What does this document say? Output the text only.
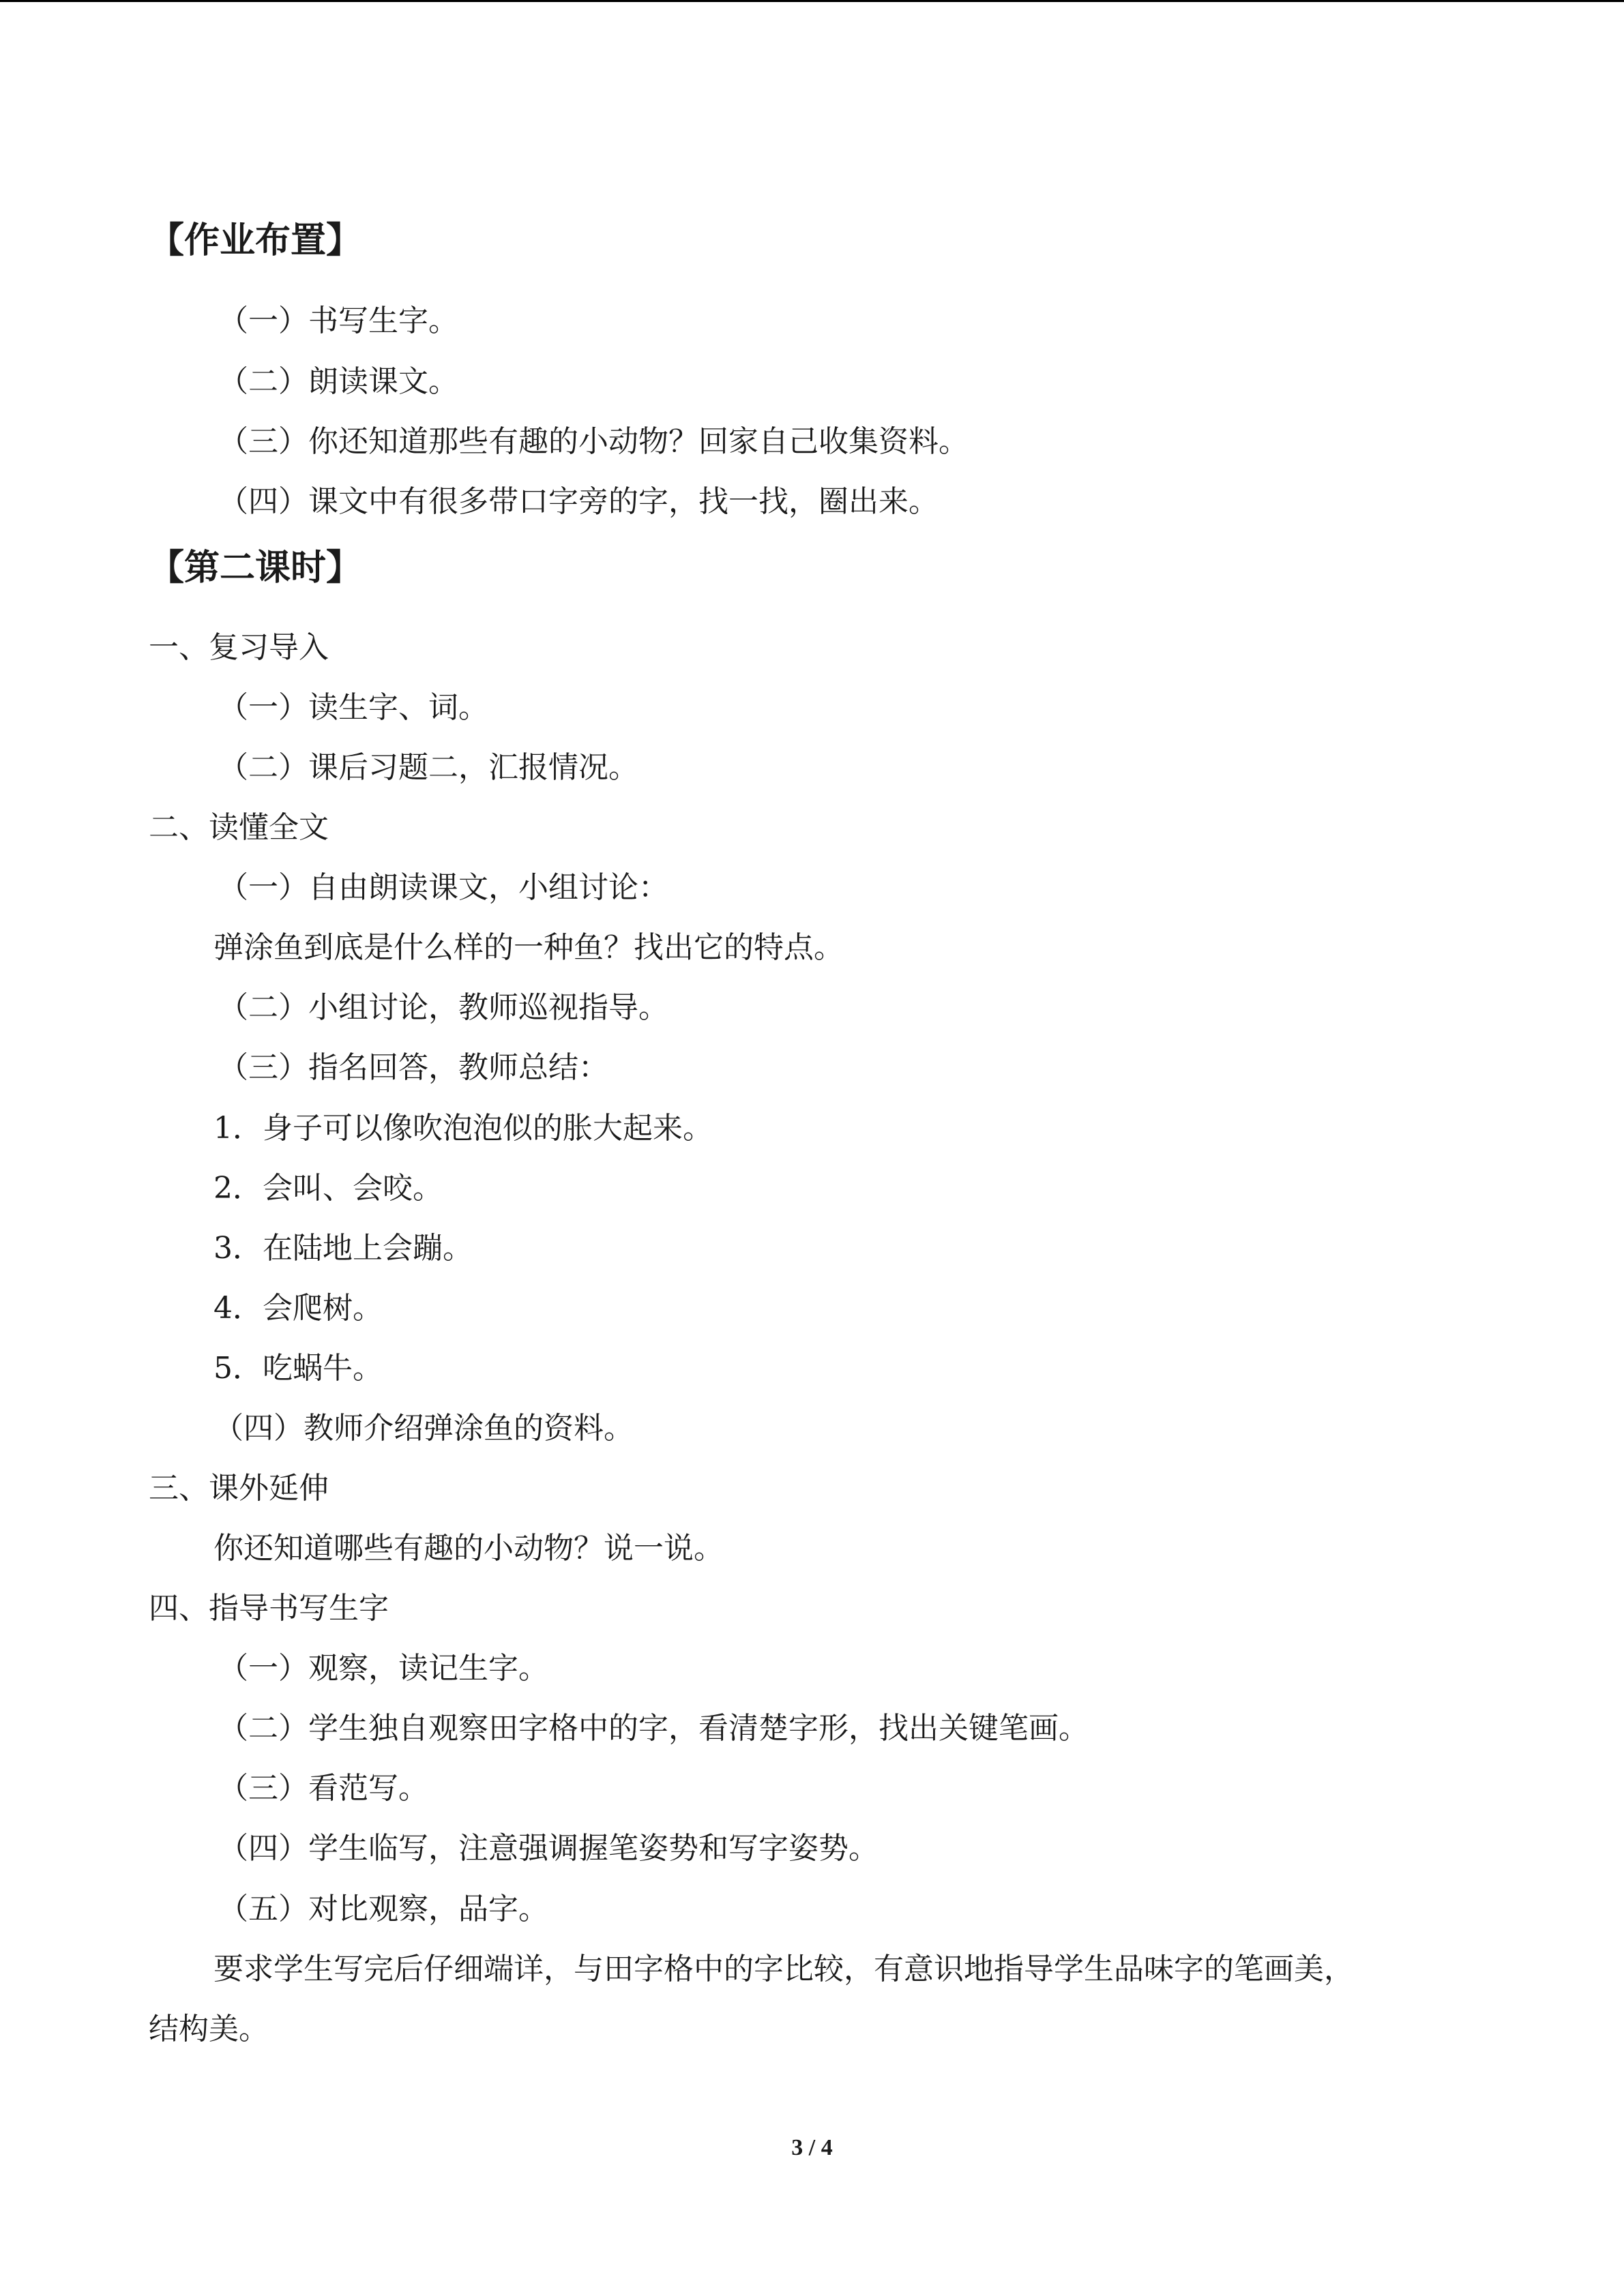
【作业布置】
（一）书写生字。
（二）朗读课文。
（三）你还知道那些有趣的小动物？回家自己收集资料。
（四）课文中有很多带口字旁的字，找一找，圈出来。
【第二课时】
一、复习导入
（一）读生字、词。
（二）课后习题二，汇报情况。
二、读懂全文
（一）自由朗读课文，小组讨论：
弹涂鱼到底是什么样的一种鱼？找出它的特点。
（二）小组讨论，教师巡视指导。
（三）指名回答，教师总结：
1．身子可以像吹泡泡似的胀大起来。
2．会叫、会咬。
3．在陆地上会蹦。
4．会爬树。
5．吃蜗牛。
（四）教师介绍弹涂鱼的资料。
三、课外延伸
你还知道哪些有趣的小动物？说一说。
四、指导书写生字
（一）观察，读记生字。
（二）学生独自观察田字格中的字，看清楚字形，找出关键笔画。
（三）看范写。
（四）学生临写，注意强调握笔姿势和写字姿势。
（五）对比观察，品字。
要求学生写完后仔细端详，与田字格中的字比较，有意识地指导学生品味字的笔画美，
结构美。
3 / 4
